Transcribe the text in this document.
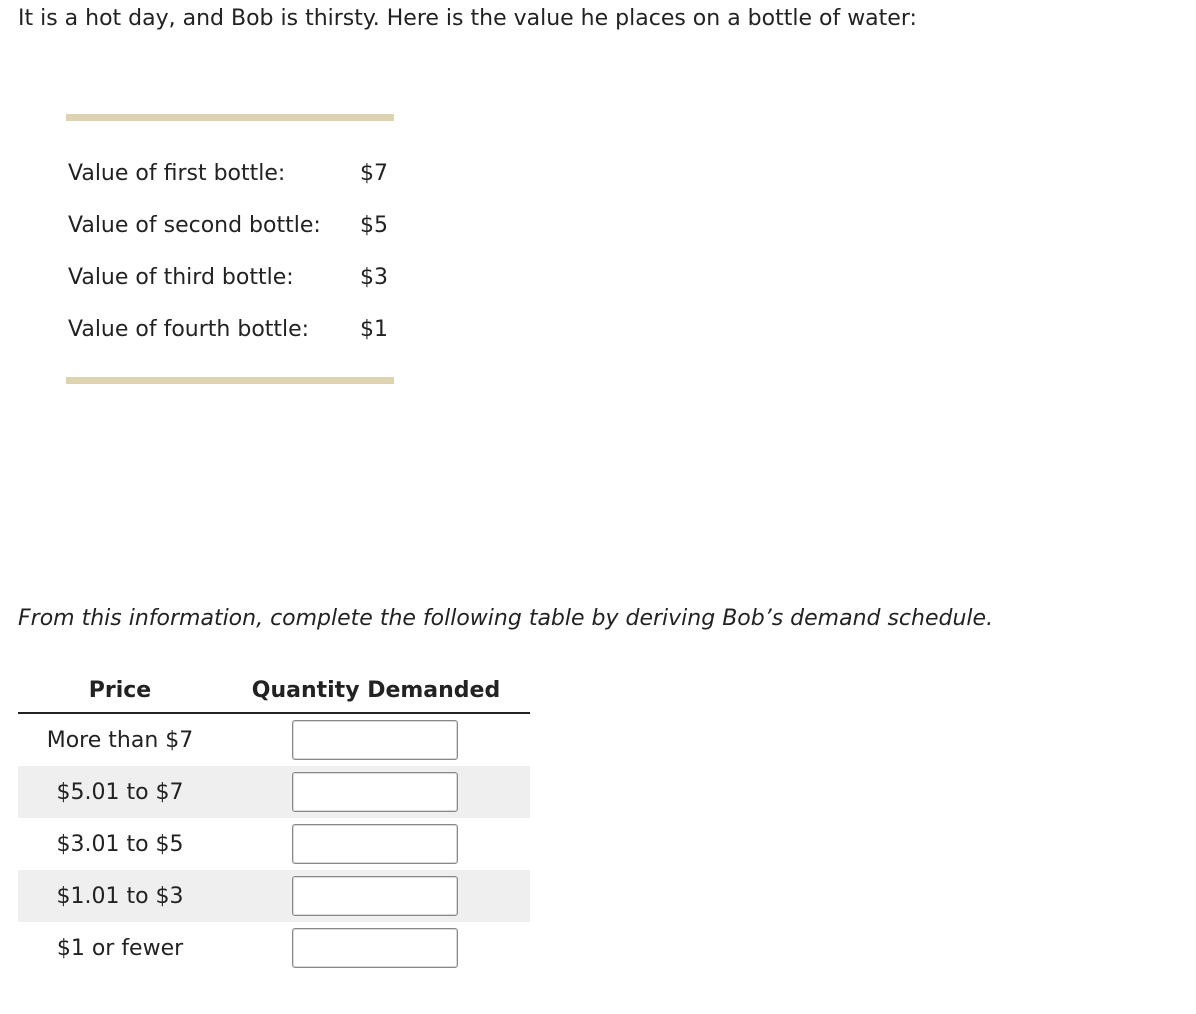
It is a hot day, and Bob is thirsty. Here is the value he places on a bottle of water:

Value of first bottle:	$7
Value of second bottle:	$5
Value of third bottle:	$3
Value of fourth bottle:	$1

From this information, complete the following table by deriving Bob’s demand schedule.

Price	Quantity Demanded
More than $7
$5.01 to $7
$3.01 to $5
$1.01 to $3
$1 or fewer
